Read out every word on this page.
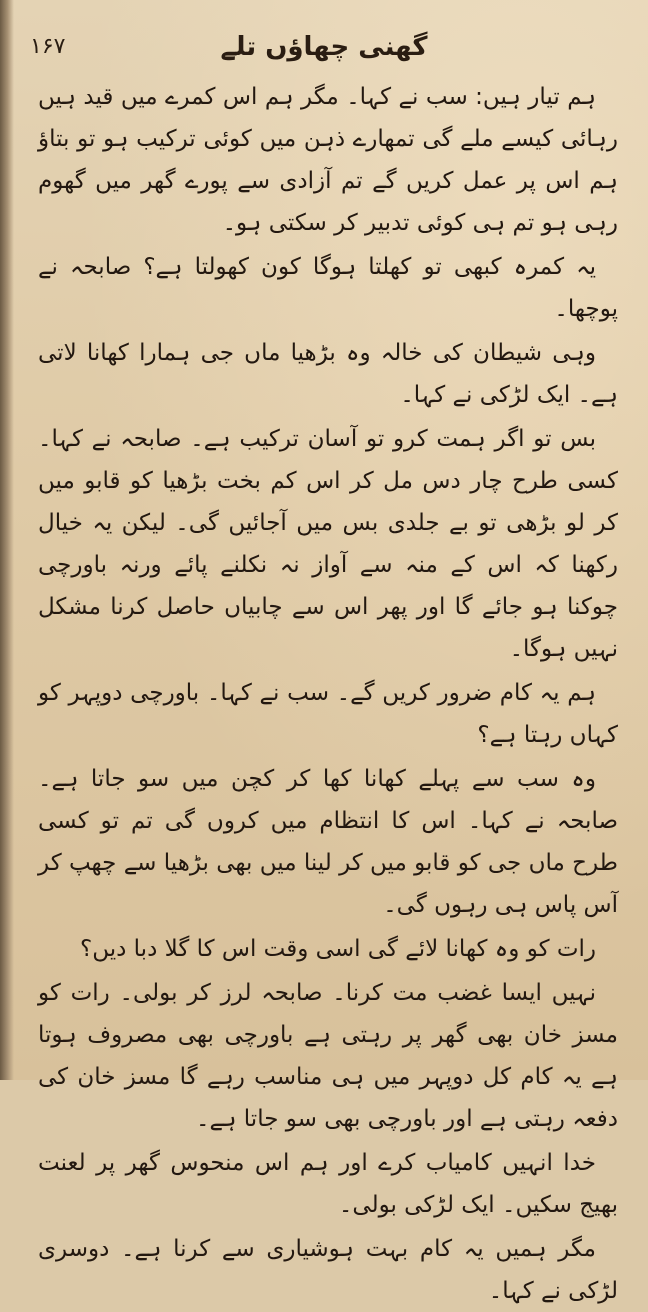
۱۶۷	گھنی چھاؤں تلے

ہم تیار ہیں: سب نے کہا۔ مگر ہم اس کمرے میں قید ہیں رہائی کیسے ملے گی تمھارے ذہن میں کوئی ترکیب ہو تو بتاؤ ہم اس پر عمل کریں گے تم آزادی سے پورے گھر میں گھوم رہی ہو تم ہی کوئی تدبیر کر سکتی ہو۔

یہ کمرہ کبھی تو کھلتا ہوگا کون کھولتا ہے؟ صابحہ نے پوچھا۔

وہی شیطان کی خالہ وہ بڑھیا ماں جی ہمارا کھانا لاتی ہے۔ ایک لڑکی نے کہا۔

بس تو اگر ہمت کرو تو آسان ترکیب ہے۔ صابحہ نے کہا۔ کسی طرح چار دس مل کر اس کم بخت بڑھیا کو قابو میں کر لو بڑھی تو بے جلدی بس میں آجائیں گی۔ لیکن یہ خیال رکھنا کہ اس کے منہ سے آواز نہ نکلنے پائے ورنہ باورچی چوکنا ہو جائے گا اور پھر اس سے چابیاں حاصل کرنا مشکل نہیں ہوگا۔

ہم یہ کام ضرور کریں گے۔ سب نے کہا۔ باورچی دوپہر کو کہاں رہتا ہے؟

وہ سب سے پہلے کھانا کھا کر کچن میں سو جاتا ہے۔ صابحہ نے کہا۔ اس کا انتظام میں کروں گی تم تو کسی طرح ماں جی کو قابو میں کر لینا میں بھی بڑھیا سے چھپ کر آس پاس ہی رہوں گی۔

رات کو وہ کھانا لائے گی اسی وقت اس کا گلا دبا دیں؟

نہیں ایسا غضب مت کرنا۔ صابحہ لرز کر بولی۔ رات کو مسز خان بھی گھر پر رہتی ہے باورچی بھی مصروف ہوتا ہے یہ کام کل دوپہر میں ہی مناسب رہے گا مسز خان کی دفعہ رہتی ہے اور باورچی بھی سو جاتا ہے۔

خدا انہیں کامیاب کرے اور ہم اس منحوس گھر پر لعنت بھیج سکیں۔ ایک لڑکی بولی۔

مگر ہمیں یہ کام بہت ہوشیاری سے کرنا ہے۔ دوسری لڑکی نے کہا۔
